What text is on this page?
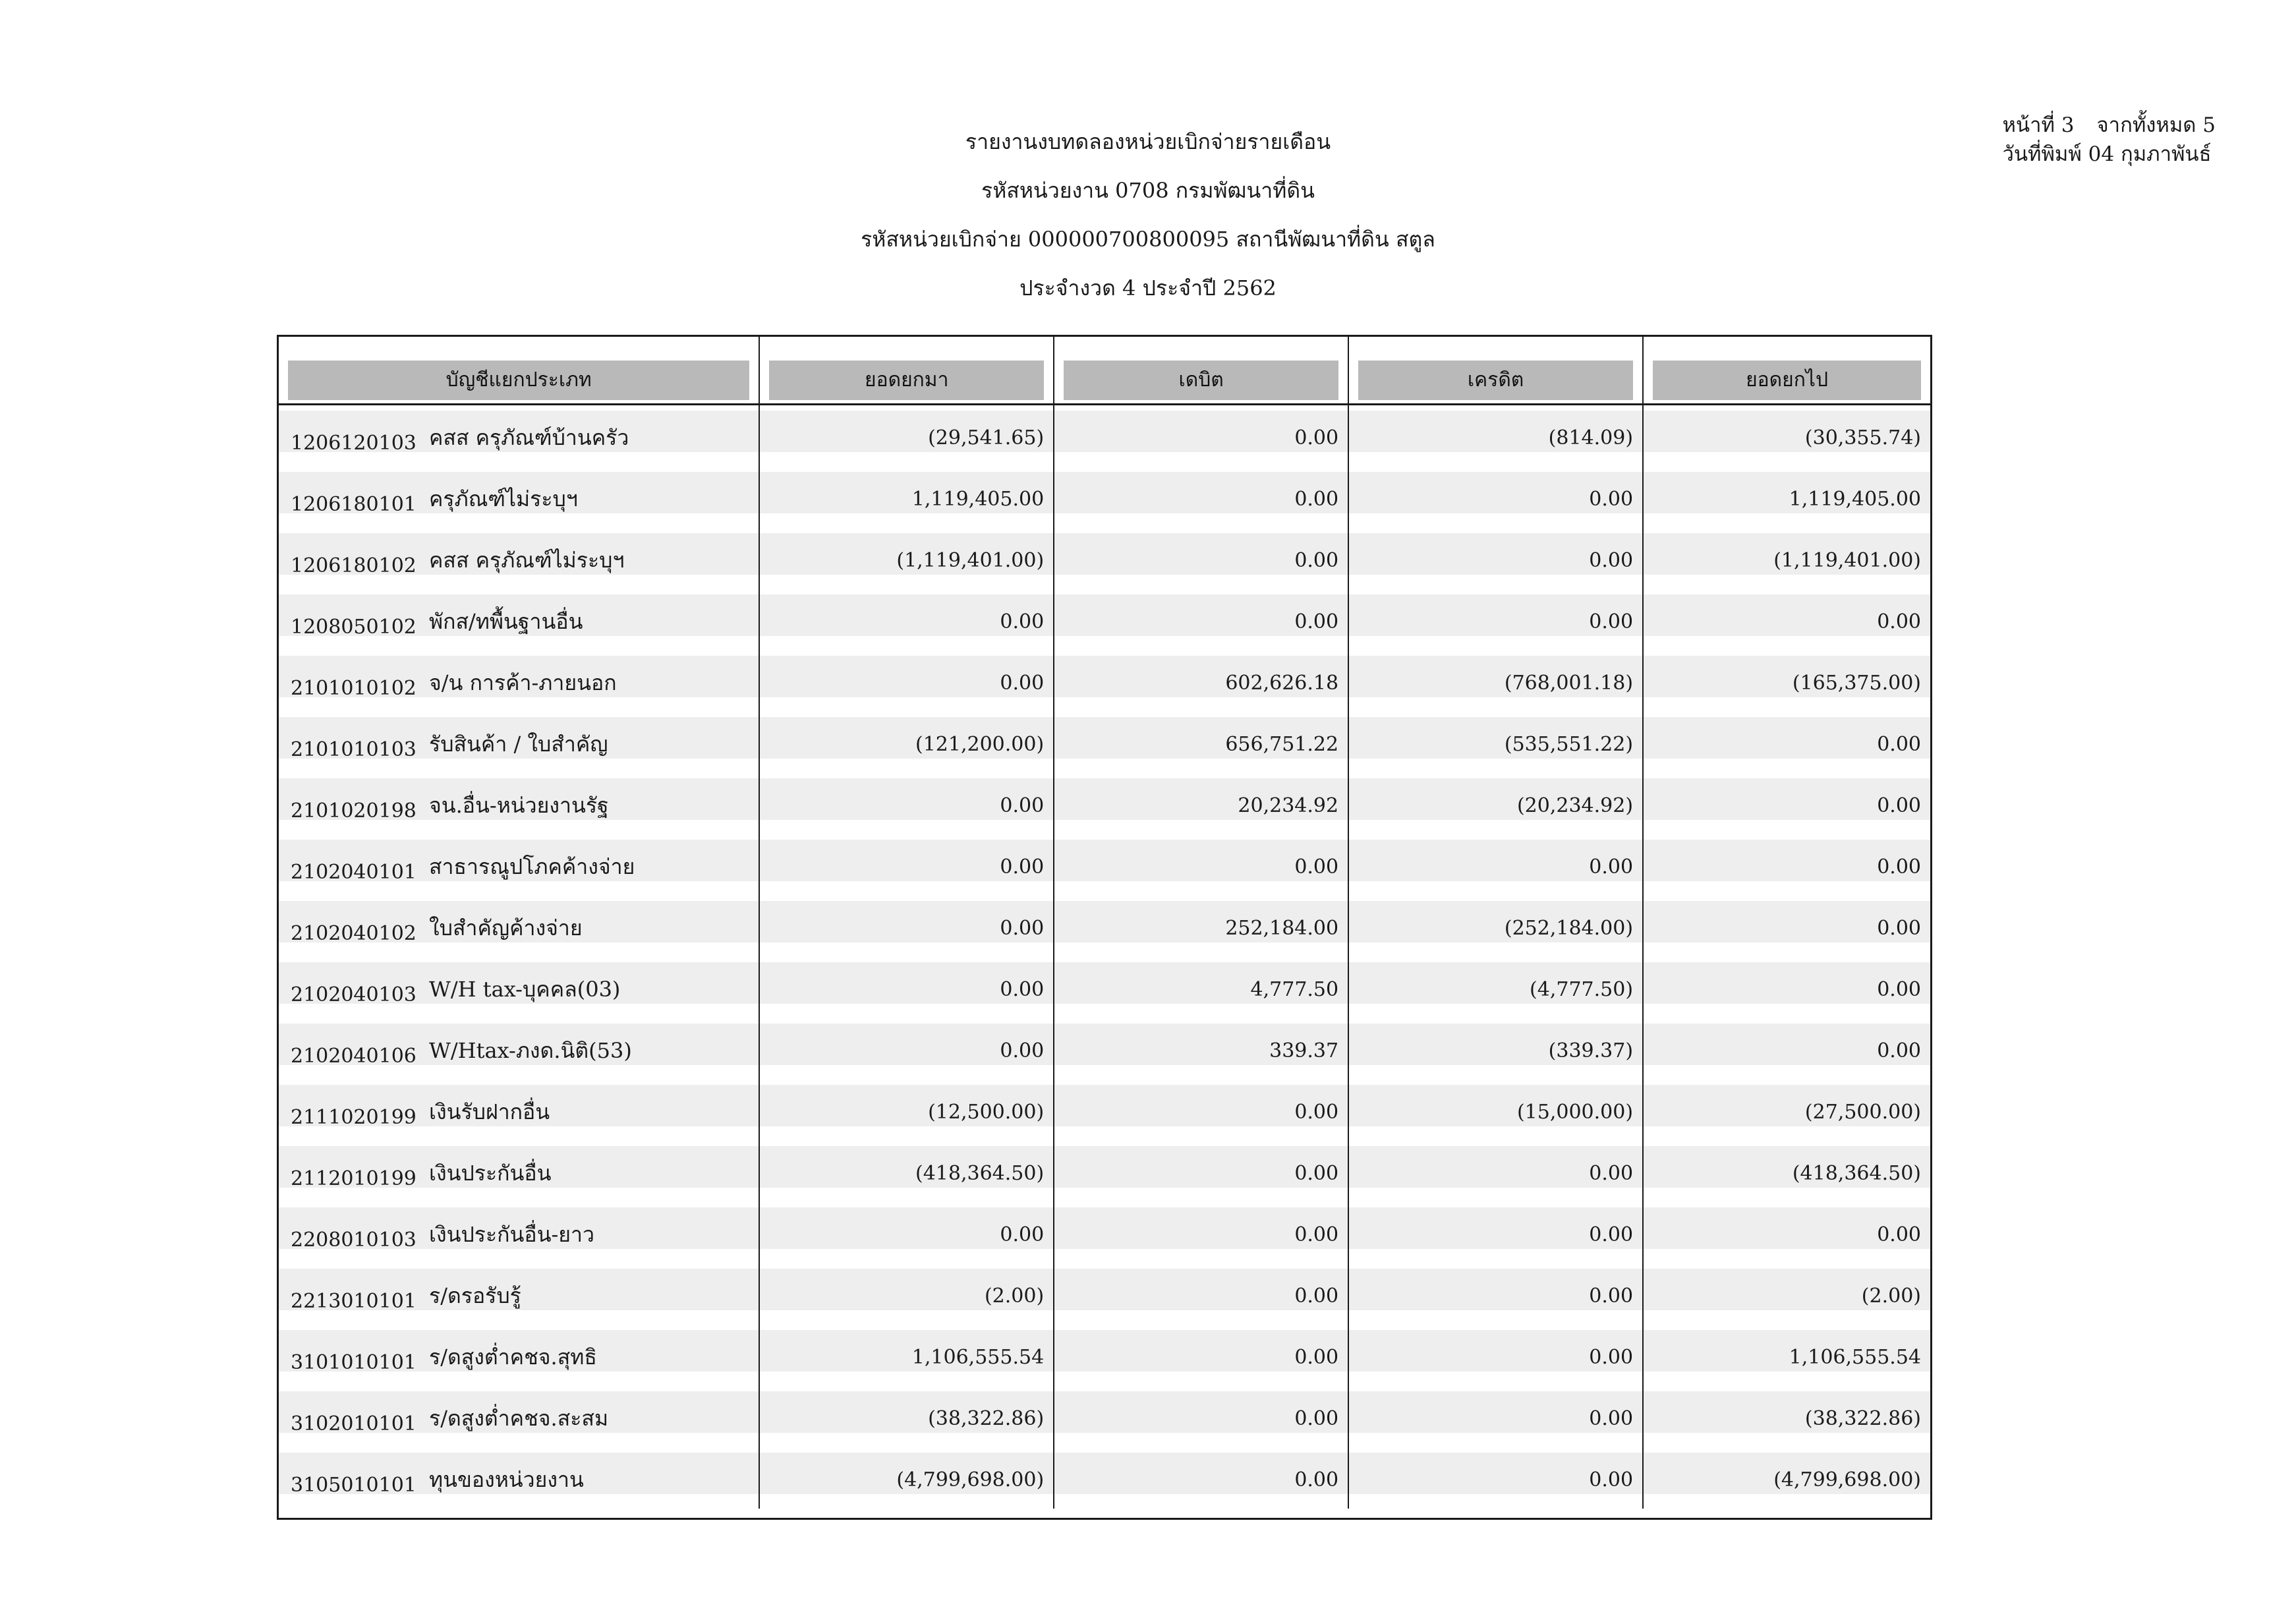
หน้าที่ 3 จากทั้งหมด 5
วันที่พิมพ์ 04 กุมภาพันธ์
รายงานงบทดลองหน่วยเบิกจ่ายรายเดือน
รหัสหน่วยงาน 0708 กรมพัฒนาที่ดิน
รหัสหน่วยเบิกจ่าย 000000700800095 สถานีพัฒนาที่ดิน สตูล
ประจำงวด 4 ประจำปี 2562
บัญชีแยกประเภท	ยอดยกมา	เดบิต	เครดิต	ยอดยกไป
1206120103 คสส ครุภัณฑ์บ้านครัว	(29,541.65)	0.00	(814.09)	(30,355.74)
1206180101 ครุภัณฑ์ไม่ระบุฯ	1,119,405.00	0.00	0.00	1,119,405.00
1206180102 คสส ครุภัณฑ์ไม่ระบุฯ	(1,119,401.00)	0.00	0.00	(1,119,401.00)
1208050102 พักส/ทพื้นฐานอื่น	0.00	0.00	0.00	0.00
2101010102 จ/น การค้า-ภายนอก	0.00	602,626.18	(768,001.18)	(165,375.00)
2101010103 รับสินค้า / ใบสำคัญ	(121,200.00)	656,751.22	(535,551.22)	0.00
2101020198 จน.อื่น-หน่วยงานรัฐ	0.00	20,234.92	(20,234.92)	0.00
2102040101 สาธารณูปโภคค้างจ่าย	0.00	0.00	0.00	0.00
2102040102 ใบสำคัญค้างจ่าย	0.00	252,184.00	(252,184.00)	0.00
2102040103 W/H tax-บุคคล(03)	0.00	4,777.50	(4,777.50)	0.00
2102040106 W/Htax-ภงด.นิติ(53)	0.00	339.37	(339.37)	0.00
2111020199 เงินรับฝากอื่น	(12,500.00)	0.00	(15,000.00)	(27,500.00)
2112010199 เงินประกันอื่น	(418,364.50)	0.00	0.00	(418,364.50)
2208010103 เงินประกันอื่น-ยาว	0.00	0.00	0.00	0.00
2213010101 ร/ดรอรับรู้	(2.00)	0.00	0.00	(2.00)
3101010101 ร/ดสูงต่ำคชจ.สุทธิ	1,106,555.54	0.00	0.00	1,106,555.54
3102010101 ร/ดสูงต่ำคชจ.สะสม	(38,322.86)	0.00	0.00	(38,322.86)
3105010101 ทุนของหน่วยงาน	(4,799,698.00)	0.00	0.00	(4,799,698.00)
